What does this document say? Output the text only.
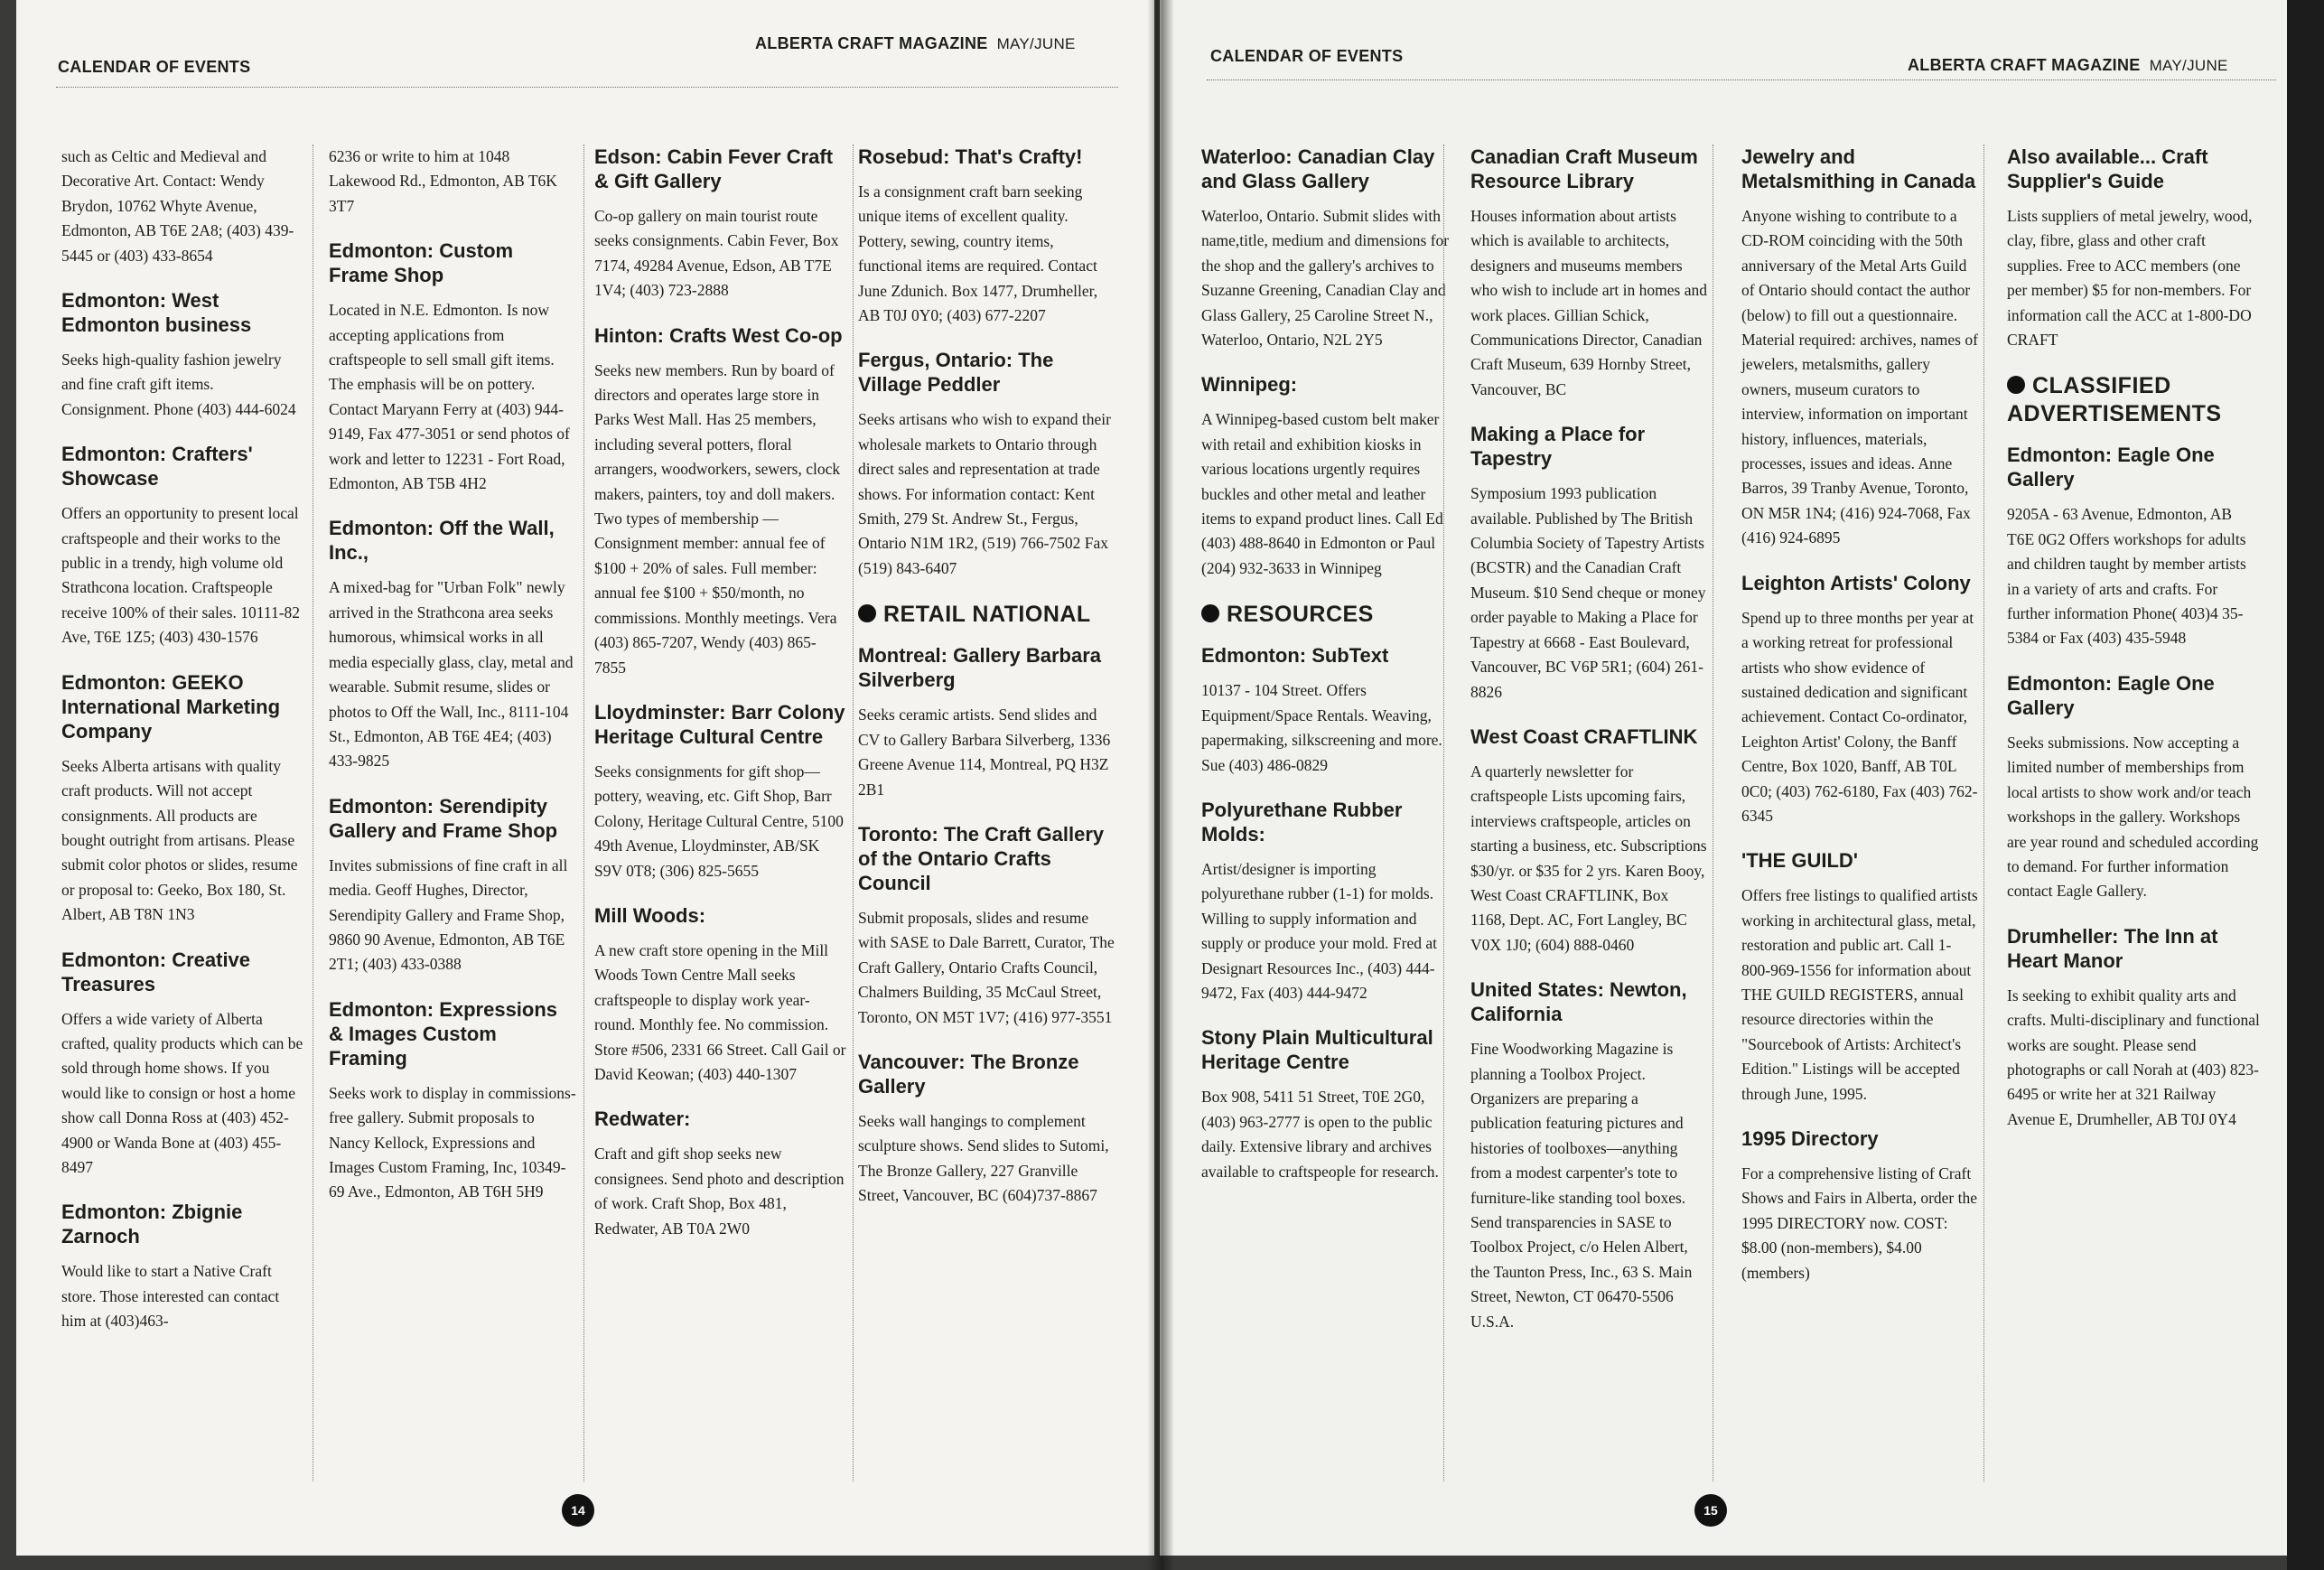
CALENDAR OF EVENTS
ALBERTA CRAFT MAGAZINE MAY/JUNE

such as Celtic and Medieval and Decorative Art. Contact: Wendy Brydon, 10762 Whyte Avenue, Edmonton, AB T6E 2A8; (403) 439-5445 or (403) 433-8654

Edmonton: West Edmonton business

Seeks high-quality fashion jewelry and fine craft gift items. Consignment. Phone (403) 444-6024

Edmonton: Crafters' Showcase

Offers an opportunity to present local craftspeople and their works to the public in a trendy, high volume old Strathcona location. Craftspeople receive 100% of their sales. 10111-82 Ave, T6E 1Z5; (403) 430-1576

Edmonton: GEEKO International Marketing Company

Seeks Alberta artisans with quality craft products. Will not accept consignments. All products are bought outright from artisans. Please submit color photos or slides, resume or proposal to: Geeko, Box 180, St. Albert, AB T8N 1N3

Edmonton: Creative Treasures

Offers a wide variety of Alberta crafted, quality products which can be sold through home shows. If you would like to consign or host a home show call Donna Ross at (403) 452-4900 or Wanda Bone at (403) 455-8497

Edmonton: Zbignie Zarnoch

Would like to start a Native Craft store. Those interested can contact him at (403)463-

6236 or write to him at 1048 Lakewood Rd., Edmonton, AB T6K 3T7

Edmonton: Custom Frame Shop

Located in N.E. Edmonton. Is now accepting applications from craftspeople to sell small gift items. The emphasis will be on pottery. Contact Maryann Ferry at (403) 944-9149, Fax 477-3051 or send photos of work and letter to 12231 - Fort Road, Edmonton, AB T5B 4H2

Edmonton: Off the Wall, Inc.,

A mixed-bag for "Urban Folk" newly arrived in the Strathcona area seeks humorous, whimsical works in all media especially glass, clay, metal and wearable. Submit resume, slides or photos to Off the Wall, Inc., 8111-104 St., Edmonton, AB T6E 4E4; (403) 433-9825

Edmonton: Serendipity Gallery and Frame Shop

Invites submissions of fine craft in all media. Geoff Hughes, Director, Serendipity Gallery and Frame Shop, 9860 90 Avenue, Edmonton, AB T6E 2T1; (403) 433-0388

Edmonton: Expressions & Images Custom Framing

Seeks work to display in commissions-free gallery. Submit proposals to Nancy Kellock, Expressions and Images Custom Framing, Inc, 10349-69 Ave., Edmonton, AB T6H 5H9

Edson: Cabin Fever Craft & Gift Gallery

Co-op gallery on main tourist route seeks consignments. Cabin Fever, Box 7174, 49284 Avenue, Edson, AB T7E 1V4; (403) 723-2888

Hinton: Crafts West Co-op

Seeks new members. Run by board of directors and operates large store in Parks West Mall. Has 25 members, including several potters, floral arrangers, woodworkers, sewers, clock makers, painters, toy and doll makers. Two types of membership — Consignment member: annual fee of $100 + 20% of sales. Full member: annual fee $100 + $50/month, no commissions. Monthly meetings. Vera (403) 865-7207, Wendy (403) 865-7855

Lloydminster: Barr Colony Heritage Cultural Centre

Seeks consignments for gift shop—pottery, weaving, etc. Gift Shop, Barr Colony, Heritage Cultural Centre, 5100 49th Avenue, Lloydminster, AB/SK S9V 0T8; (306) 825-5655

Mill Woods:

A new craft store opening in the Mill Woods Town Centre Mall seeks craftspeople to display work year-round. Monthly fee. No commission. Store #506, 2331 66 Street. Call Gail or David Keowan; (403) 440-1307

Redwater:

Craft and gift shop seeks new consignees. Send photo and description of work. Craft Shop, Box 481, Redwater, AB T0A 2W0

Rosebud: That's Crafty!

Is a consignment craft barn seeking unique items of excellent quality. Pottery, sewing, country items, functional items are required. Contact June Zdunich. Box 1477, Drumheller, AB T0J 0Y0; (403) 677-2207

Fergus, Ontario: The Village Peddler

Seeks artisans who wish to expand their wholesale markets to Ontario through direct sales and representation at trade shows. For information contact: Kent Smith, 279 St. Andrew St., Fergus, Ontario N1M 1R2, (519) 766-7502 Fax (519) 843-6407

RETAIL NATIONAL
Montreal: Gallery Barbara Silverberg

Seeks ceramic artists. Send slides and CV to Gallery Barbara Silverberg, 1336 Greene Avenue 114, Montreal, PQ H3Z 2B1

Toronto: The Craft Gallery of the Ontario Crafts Council

Submit proposals, slides and resume with SASE to Dale Barrett, Curator, The Craft Gallery, Ontario Crafts Council, Chalmers Building, 35 McCaul Street, Toronto, ON M5T 1V7; (416) 977-3551

Vancouver: The Bronze Gallery

Seeks wall hangings to complement sculpture shows. Send slides to Sutomi, The Bronze Gallery, 227 Granville Street, Vancouver, BC (604)737-8867

14
CALENDAR OF EVENTS	ALBERTA CRAFT MAGAZINE MAY/JUNE
Waterloo: Canadian Clay and Glass Gallery

Waterloo, Ontario. Submit slides with name,title, medium and dimensions for the shop and the gallery's archives to Suzanne Greening, Canadian Clay and Glass Gallery, 25 Caroline Street N., Waterloo, Ontario, N2L 2Y5

Winnipeg:

A Winnipeg-based custom belt maker with retail and exhibition kiosks in various locations urgently requires buckles and other metal and leather items to expand product lines. Call Ed (403) 488-8640 in Edmonton or Paul (204) 932-3633 in Winnipeg

RESOURCES
Edmonton: SubText

10137 - 104 Street. Offers Equipment/Space Rentals. Weaving, papermaking, silkscreening and more. Sue (403) 486-0829

Polyurethane Rubber Molds:

Artist/designer is importing polyurethane rubber (1-1) for molds. Willing to supply information and supply or produce your mold. Fred at Designart Resources Inc., (403) 444-9472, Fax (403) 444-9472

Stony Plain Multicultural Heritage Centre

Box 908, 5411 51 Street, T0E 2G0, (403) 963-2777 is open to the public daily. Extensive library and archives available to craftspeople for research.

Canadian Craft Museum Resource Library

Houses information about artists which is available to architects, designers and museums members who wish to include art in homes and work places. Gillian Schick, Communications Director, Canadian Craft Museum, 639 Hornby Street, Vancouver, BC

Making a Place for Tapestry

Symposium 1993 publication available. Published by The British Columbia Society of Tapestry Artists (BCSTR) and the Canadian Craft Museum. $10 Send cheque or money order payable to Making a Place for Tapestry at 6668 - East Boulevard, Vancouver, BC V6P 5R1; (604) 261-8826

West Coast CRAFTLINK

A quarterly newsletter for craftspeople Lists upcoming fairs, interviews craftspeople, articles on starting a business, etc. Subscriptions $30/yr. or $35 for 2 yrs. Karen Booy, West Coast CRAFTLINK, Box 1168, Dept. AC, Fort Langley, BC V0X 1J0; (604) 888-0460

United States: Newton, California

Fine Woodworking Magazine is planning a Toolbox Project. Organizers are preparing a publication featuring pictures and histories of toolboxes—anything from a modest carpenter's tote to furniture-like standing tool boxes. Send transparencies in SASE to Toolbox Project, c/o Helen Albert, the Taunton Press, Inc., 63 S. Main Street, Newton, CT 06470-5506 U.S.A.

Jewelry and Metalsmithing in Canada

Anyone wishing to contribute to a CD-ROM coinciding with the 50th anniversary of the Metal Arts Guild of Ontario should contact the author (below) to fill out a questionnaire. Material required: archives, names of jewelers, metalsmiths, gallery owners, museum curators to interview, information on important history, influences, materials, processes, issues and ideas. Anne Barros, 39 Tranby Avenue, Toronto, ON M5R 1N4; (416) 924-7068, Fax (416) 924-6895

Leighton Artists' Colony

Spend up to three months per year at a working retreat for professional artists who show evidence of sustained dedication and significant achievement. Contact Co-ordinator, Leighton Artist' Colony, the Banff Centre, Box 1020, Banff, AB T0L 0C0; (403) 762-6180, Fax (403) 762-6345

'THE GUILD'

Offers free listings to qualified artists working in architectural glass, metal, restoration and public art. Call 1-800-969-1556 for information about THE GUILD REGISTERS, annual resource directories within the "Sourcebook of Artists: Architect's Edition." Listings will be accepted through June, 1995.

1995 Directory

For a comprehensive listing of Craft Shows and Fairs in Alberta, order the 1995 DIRECTORY now. COST: $8.00 (non-members), $4.00 (members)

Also available... Craft Supplier's Guide

Lists suppliers of metal jewelry, wood, clay, fibre, glass and other craft supplies. Free to ACC members (one per member) $5 for non-members. For information call the ACC at 1-800-DO CRAFT

CLASSIFIED ADVERTISEMENTS
Edmonton: Eagle One Gallery

9205A - 63 Avenue, Edmonton, AB T6E 0G2 Offers workshops for adults and children taught by member artists in a variety of arts and crafts. For further information Phone( 403)4 35-5384 or Fax (403) 435-5948

Edmonton: Eagle One Gallery

Seeks submissions. Now accepting a limited number of memberships from local artists to show work and/or teach workshops in the gallery. Workshops are year round and scheduled according to demand. For further information contact Eagle Gallery.

Drumheller: The Inn at Heart Manor

Is seeking to exhibit quality arts and crafts. Multi-disciplinary and functional works are sought. Please send photographs or call Norah at (403) 823-6495 or write her at 321 Railway Avenue E, Drumheller, AB T0J 0Y4

15
